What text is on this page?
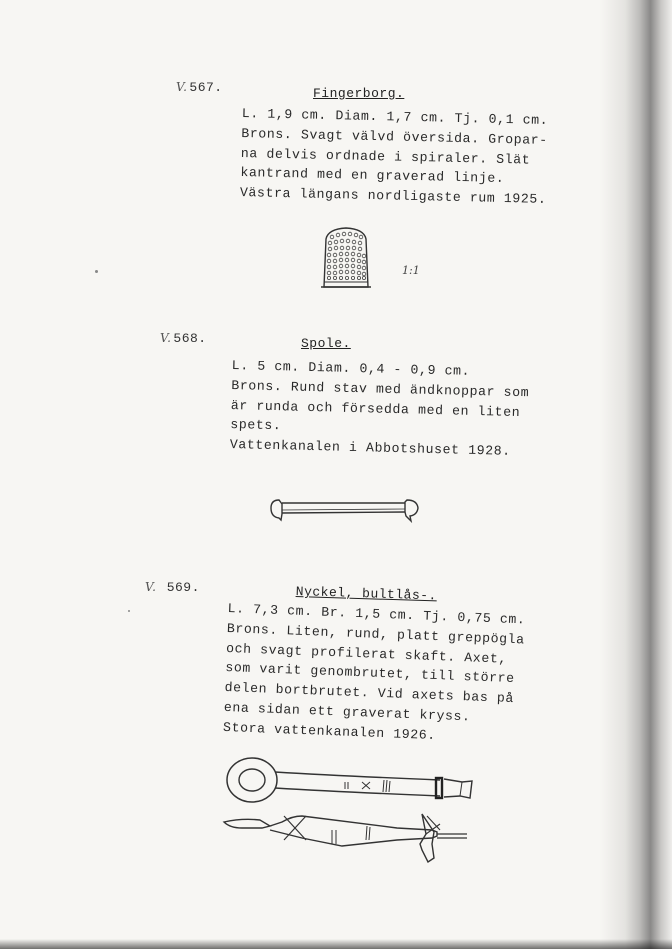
V. 567.	Fingerborg.
L. 1,9 cm. Diam. 1,7 cm. Tj. 0,1 cm.
Brons. Svagt välvd översida. Gropar-
na delvis ordnade i spiraler. Slät
kantrand med en graverad linje.
Västra längans nordligaste rum 1925.
1:1
V. 568.	Spole.
L. 5 cm. Diam. 0,4 - 0,9 cm.
Brons. Rund stav med ändknoppar som
är runda och försedda med en liten
spets.
Vattenkanalen i Abbotshuset 1928.
V. 569.	Nyckel, bultlås-.
L. 7,3 cm. Br. 1,5 cm. Tj. 0,75 cm.
Brons. Liten, rund, platt greppögla
och svagt profilerat skaft. Axet,
som varit genombrutet, till större
delen bortbrutet. Vid axets bas på
ena sidan ett graverat kryss.
Stora vattenkanalen 1926.
